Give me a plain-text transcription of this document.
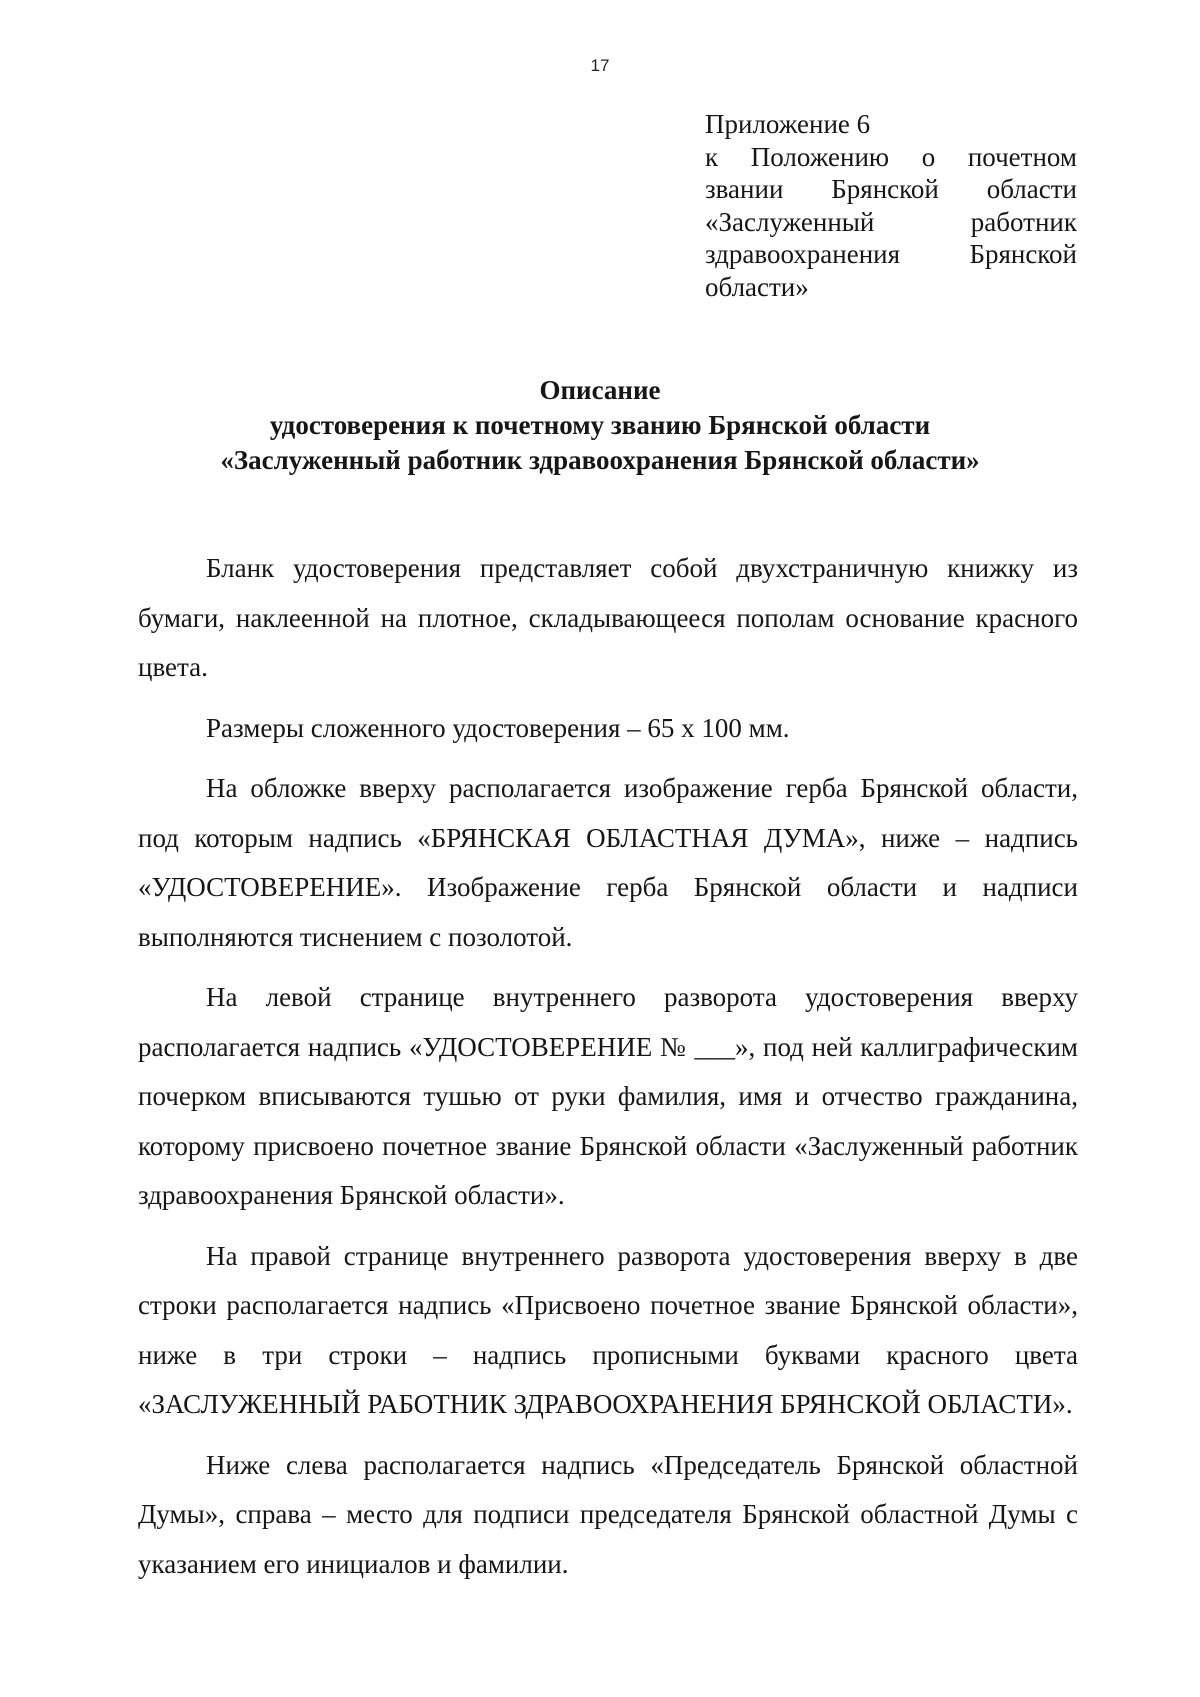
17
Приложение 6
к Положению о почетном звании Брянской области «Заслуженный работник здравоохранения Брянской области»
Описание
удостоверения к почетному званию Брянской области
«Заслуженный работник здравоохранения Брянской области»

Бланк удостоверения представляет собой двухстраничную книжку из бумаги, наклеенной на плотное, складывающееся пополам основание красного цвета.

Размеры сложенного удостоверения – 65 х 100 мм.

На обложке вверху располагается изображение герба Брянской области, под которым надпись «БРЯНСКАЯ ОБЛАСТНАЯ ДУМА», ниже – надпись «УДОСТОВЕРЕНИЕ». Изображение герба Брянской области и надписи выполняются тиснением с позолотой.

На левой странице внутреннего разворота удостоверения вверху располагается надпись «УДОСТОВЕРЕНИЕ № ___», под ней каллиграфическим почерком вписываются тушью от руки фамилия, имя и отчество гражданина, которому присвоено почетное звание Брянской области «Заслуженный работник здравоохранения Брянской области».

На правой странице внутреннего разворота удостоверения вверху в две строки располагается надпись «Присвоено почетное звание Брянской области», ниже в три строки – надпись прописными буквами красного цвета «ЗАСЛУЖЕННЫЙ РАБОТНИК ЗДРАВООХРАНЕНИЯ БРЯНСКОЙ ОБЛАСТИ».

Ниже слева располагается надпись «Председатель Брянской областной Думы», справа – место для подписи председателя Брянской областной Думы с указанием его инициалов и фамилии.
